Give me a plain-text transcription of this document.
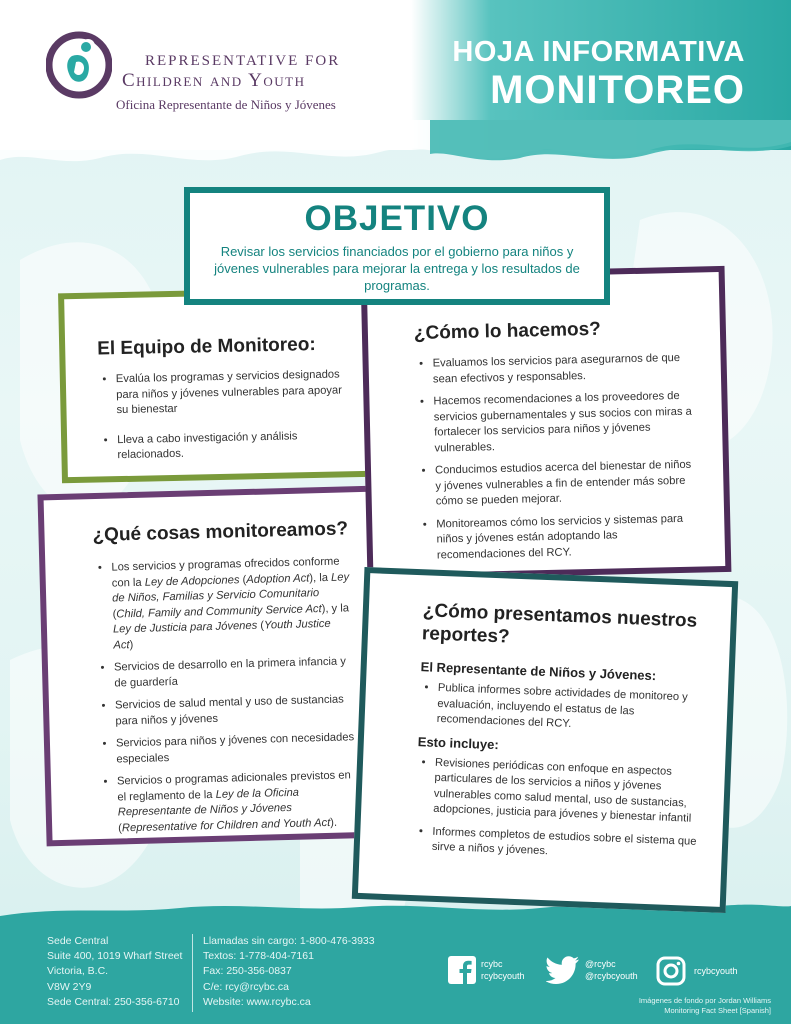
REPRESENTATIVE FOR
Children and Youth
Oficina Representante de Niños y Jóvenes
HOJA INFORMATIVA
MONITOREO
OBJETIVO
Revisar los servicios financiados por el gobierno para niños y jóvenes vulnerables para mejorar la entrega y los resultados de programas.
El Equipo de Monitoreo:
• Evalúa los programas y servicios designados para niños y jóvenes vulnerables para apoyar su bienestar
• Lleva a cabo investigación y análisis relacionados.
¿Cómo lo hacemos?
• Evaluamos los servicios para asegurarnos de que sean efectivos y responsables.
• Hacemos recomendaciones a los proveedores de servicios gubernamentales y sus socios con miras a fortalecer los servicios para niños y jóvenes vulnerables.
• Conducimos estudios acerca del bienestar de niños y jóvenes vulnerables a fin de entender más sobre cómo se pueden mejorar.
• Monitoreamos cómo los servicios y sistemas para niños y jóvenes están adoptando las recomendaciones del RCY.
¿Qué cosas monitoreamos?
• Los servicios y programas ofrecidos conforme con la Ley de Adopciones (Adoption Act), la Ley de Niños, Familias y Servicio Comunitario (Child, Family and Community Service Act), y la Ley de Justicia para Jóvenes (Youth Justice Act)
• Servicios de desarrollo en la primera infancia y de guardería
• Servicios de salud mental y uso de sustancias para niños y jóvenes
• Servicios para niños y jóvenes con necesidades especiales
• Servicios o programas adicionales previstos en el reglamento de la Ley de la Oficina Representante de Niños y Jóvenes (Representative for Children and Youth Act).
¿Cómo presentamos nuestros reportes?
El Representante de Niños y Jóvenes:
• Publica informes sobre actividades de monitoreo y evaluación, incluyendo el estatus de las recomendaciones del RCY.
Esto incluye:
• Revisiones periódicas con enfoque en aspectos particulares de los servicios a niños y jóvenes vulnerables como salud mental, uso de sustancias, adopciones, justicia para jóvenes y bienestar infantil
• Informes completos de estudios sobre el sistema que sirve a niños y jóvenes.
Sede Central
Suite 400, 1019 Wharf Street
Victoria, B.C.
V8W 2Y9
Sede Central: 250-356-6710
Llamadas sin cargo: 1-800-476-3933
Textos: 1-778-404-7161
Fax: 250-356-0837
C/e: rcy@rcybc.ca
Website: www.rcybc.ca
rcybc
rcybcyouth
@rcybc
@rcybcyouth	rcybcyouth
Imágenes de fondo por Jordan Williams
Monitoring Fact Sheet [Spanish]
